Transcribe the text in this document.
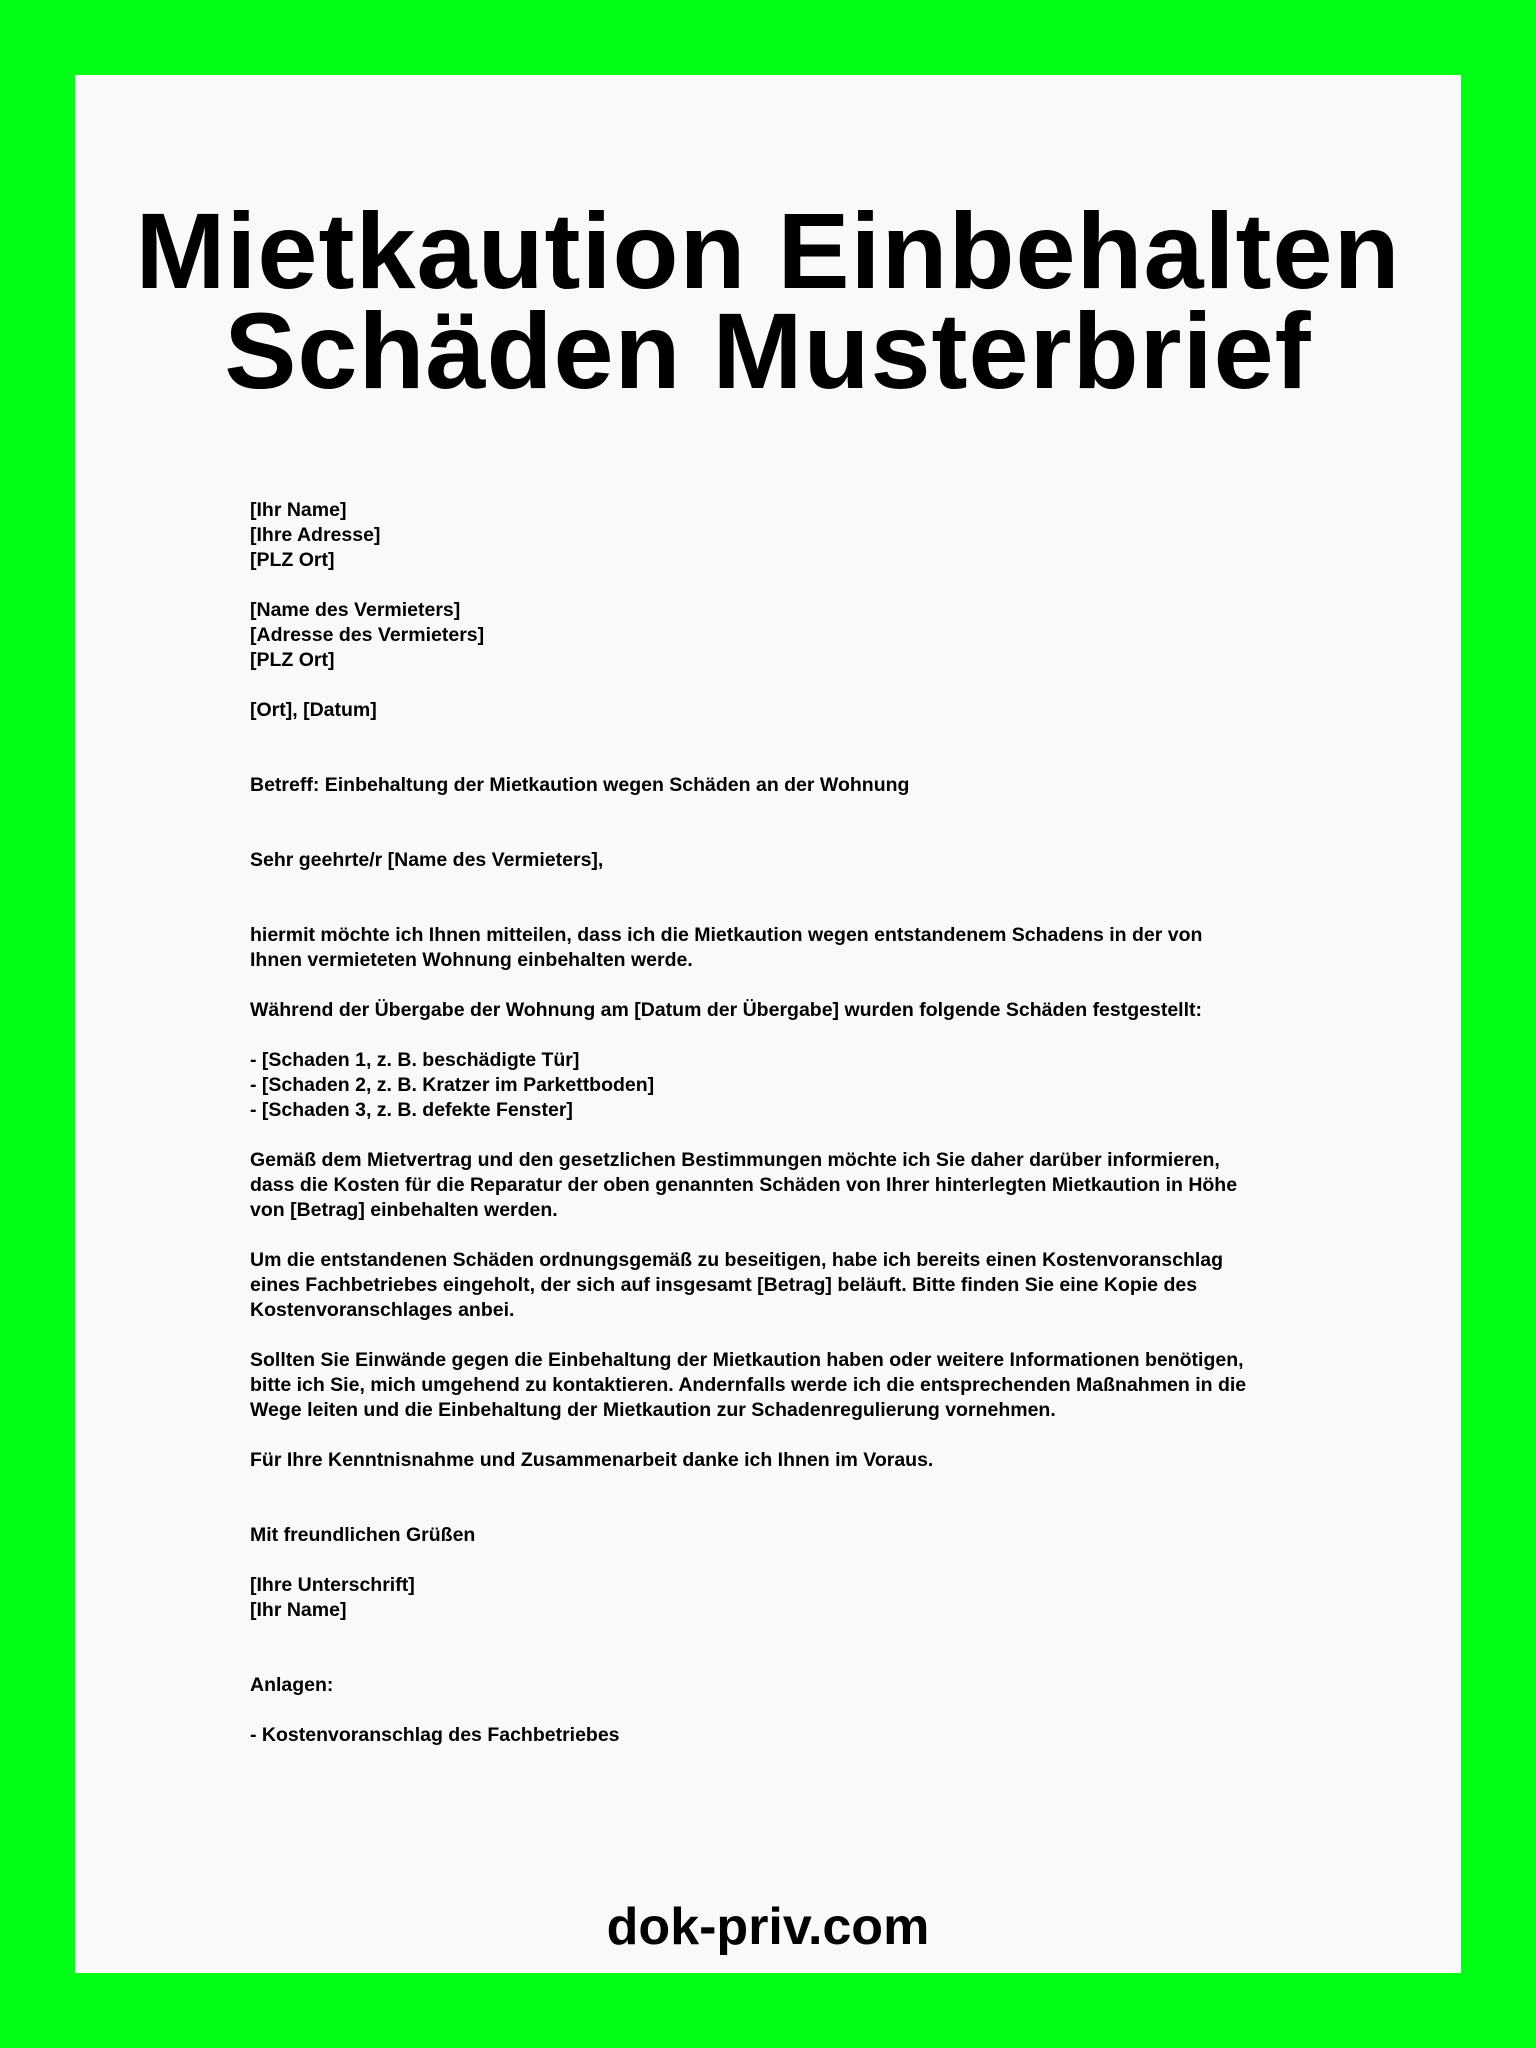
Mietkaution Einbehalten
Schäden Musterbrief
[Ihr Name]
[Ihre Adresse]
[PLZ Ort]
[Name des Vermieters]
[Adresse des Vermieters]
[PLZ Ort]
[Ort], [Datum]
Betreff: Einbehaltung der Mietkaution wegen Schäden an der Wohnung
Sehr geehrte/r [Name des Vermieters],
hiermit möchte ich Ihnen mitteilen, dass ich die Mietkaution wegen entstandenem Schadens in der von
Ihnen vermieteten Wohnung einbehalten werde.
Während der Übergabe der Wohnung am [Datum der Übergabe] wurden folgende Schäden festgestellt:
- [Schaden 1, z. B. beschädigte Tür]
- [Schaden 2, z. B. Kratzer im Parkettboden]
- [Schaden 3, z. B. defekte Fenster]
Gemäß dem Mietvertrag und den gesetzlichen Bestimmungen möchte ich Sie daher darüber informieren,
dass die Kosten für die Reparatur der oben genannten Schäden von Ihrer hinterlegten Mietkaution in Höhe
von [Betrag] einbehalten werden.
Um die entstandenen Schäden ordnungsgemäß zu beseitigen, habe ich bereits einen Kostenvoranschlag
eines Fachbetriebes eingeholt, der sich auf insgesamt [Betrag] beläuft. Bitte finden Sie eine Kopie des
Kostenvoranschlages anbei.
Sollten Sie Einwände gegen die Einbehaltung der Mietkaution haben oder weitere Informationen benötigen,
bitte ich Sie, mich umgehend zu kontaktieren. Andernfalls werde ich die entsprechenden Maßnahmen in die
Wege leiten und die Einbehaltung der Mietkaution zur Schadenregulierung vornehmen.
Für Ihre Kenntnisnahme und Zusammenarbeit danke ich Ihnen im Voraus.
Mit freundlichen Grüßen
[Ihre Unterschrift]
[Ihr Name]
Anlagen:
- Kostenvoranschlag des Fachbetriebes
dok-priv.com
